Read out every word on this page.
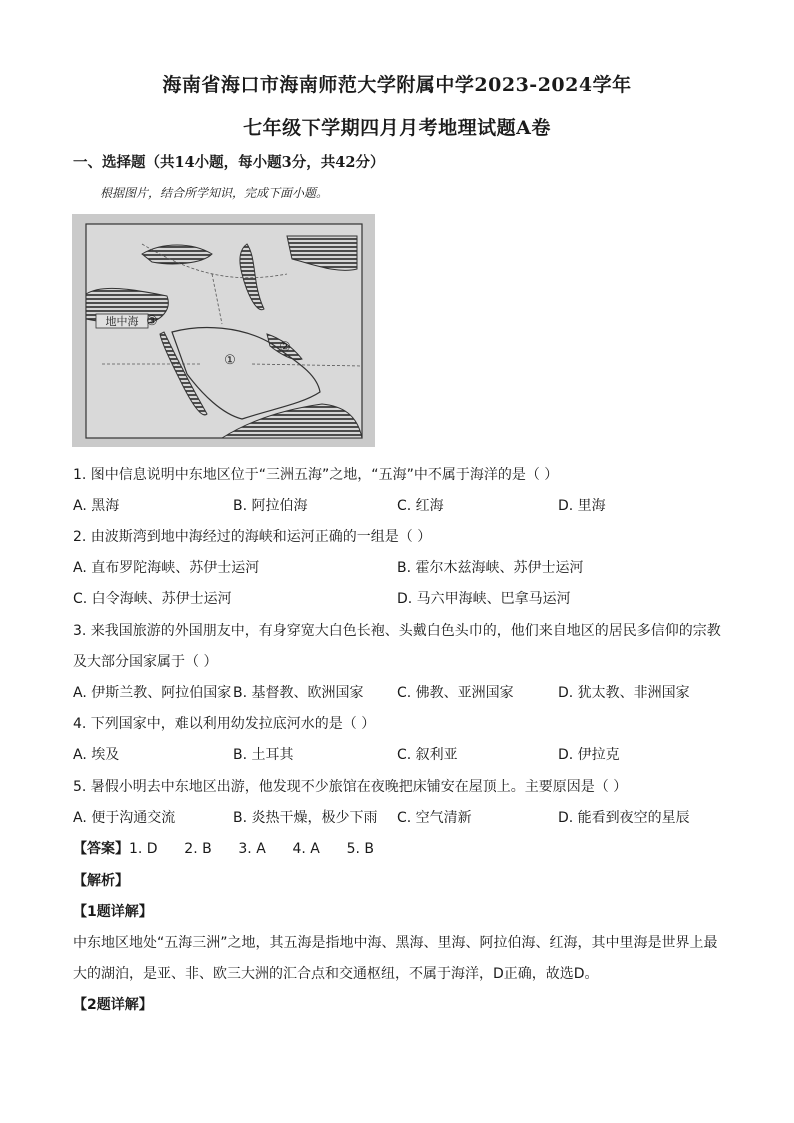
海南省海口市海南师范大学附属中学2023-2024学年
七年级下学期四月月考地理试题A卷
一、选择题（共14小题，每小题3分，共42分）
根据图片，结合所学知识，完成下面小题。
地中海
①
②
③
1. 图中信息说明中东地区位于“三洲五海”之地，“五海”中不属于海洋的是（ ）
A. 黑海	B. 阿拉伯海	C. 红海	D. 里海
2. 由波斯湾到地中海经过的海峡和运河正确的一组是（ ）
A. 直布罗陀海峡、苏伊士运河	B. 霍尔木兹海峡、苏伊士运河
C. 白令海峡、苏伊士运河	D. 马六甲海峡、巴拿马运河
3. 来我国旅游的外国朋友中，有身穿宽大白色长袍、头戴白色头巾的，他们来自地区的居民多信仰的宗教
及大部分国家属于（ ）
A. 伊斯兰教、阿拉伯国家 B. 基督教、欧洲国家 C. 佛教、亚洲国家	D. 犹太教、非洲国家
4. 下列国家中，难以利用幼发拉底河水的是（ ）
A. 埃及	B. 土耳其	C. 叙利亚	D. 伊拉克
5. 暑假小明去中东地区出游，他发现不少旅馆在夜晚把床铺安在屋顶上。主要原因是（ ）
A. 便于沟通交流	B. 炎热干燥，极少下雨 C. 空气清新	D. 能看到夜空的星辰
【答案】1. D      2. B      3. A      4. A      5. B
【解析】
【1题详解】
中东地区地处“五海三洲”之地，其五海是指地中海、黑海、里海、阿拉伯海、红海，其中里海是世界上最
大的湖泊，是亚、非、欧三大洲的汇合点和交通枢纽，不属于海洋，D正确，故选D。
【2题详解】
